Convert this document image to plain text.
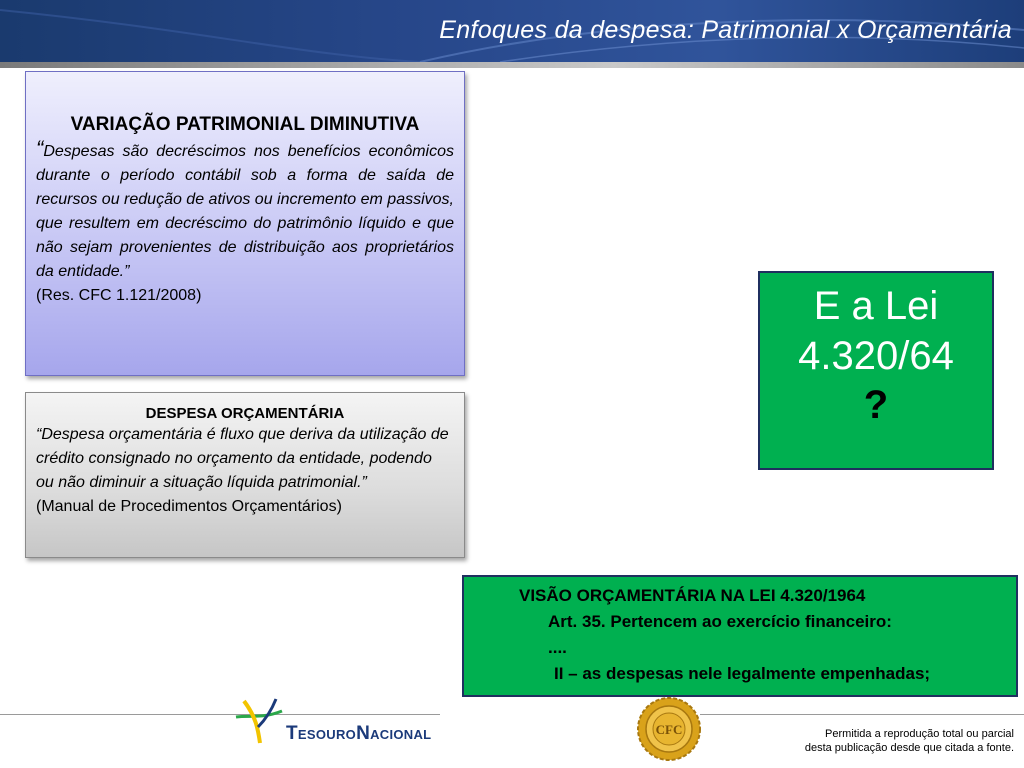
Enfoques da despesa: Patrimonial x Orçamentária
VARIAÇÃO PATRIMONIAL DIMINUTIVA
“Despesas são decréscimos nos benefícios econômicos durante o período contábil sob a forma de saída de recursos ou redução de ativos ou incremento em passivos, que resultem em decréscimo do patrimônio líquido e que não sejam provenientes de distribuição aos proprietários da entidade.”
(Res. CFC 1.121/2008)
DESPESA ORÇAMENTÁRIA
“Despesa orçamentária é fluxo que deriva da utilização de crédito consignado no orçamento da entidade, podendo ou não diminuir a situação líquida patrimonial.”
(Manual de Procedimentos Orçamentários)
E a Lei
4.320/64
?
VISÃO ORÇAMENTÁRIA NA LEI 4.320/1964
Art. 35. Pertencem ao exercício financeiro:
....
II – as despesas nele legalmente empenhadas;
TESOURONACIONAL	CFC	Permitida a reprodução total ou parcial
desta publicação desde que citada a fonte.
